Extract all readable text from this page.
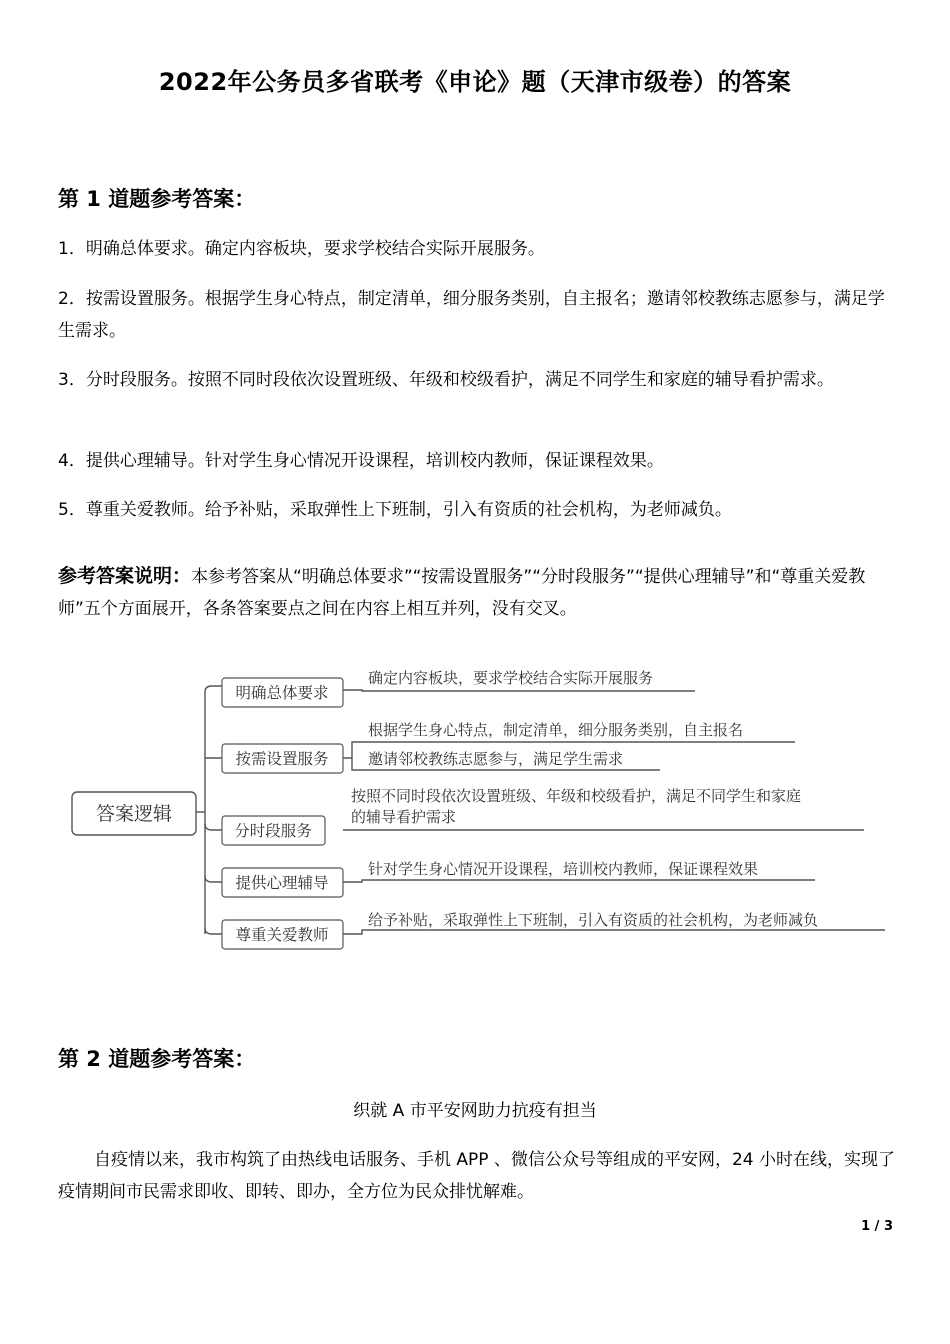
2022年公务员多省联考《申论》题（天津市级卷）的答案
第 1 道题参考答案：
1．明确总体要求。确定内容板块，要求学校结合实际开展服务。
2．按需设置服务。根据学生身心特点，制定清单，细分服务类别，自主报名；邀请邻校教练志愿参与，满足学生需求。
3．分时段服务。按照不同时段依次设置班级、年级和校级看护，满足不同学生和家庭的辅导看护需求。
4．提供心理辅导。针对学生身心情况开设课程，培训校内教师，保证课程效果。
5．尊重关爱教师。给予补贴，采取弹性上下班制，引入有资质的社会机构，为老师减负。
参考答案说明：本参考答案从“明确总体要求”“按需设置服务”“分时段服务”“提供心理辅导”和“尊重关爱教师”五个方面展开，各条答案要点之间在内容上相互并列，没有交叉。
答案逻辑
明确总体要求
按需设置服务
分时段服务
提供心理辅导
尊重关爱教师
确定内容板块，要求学校结合实际开展服务
根据学生身心特点，制定清单，细分服务类别，自主报名
邀请邻校教练志愿参与，满足学生需求
按照不同时段依次设置班级、年级和校级看护，满足不同学生和家庭
的辅导看护需求
针对学生身心情况开设课程，培训校内教师，保证课程效果
给予补贴，采取弹性上下班制，引入有资质的社会机构，为老师减负
第 2 道题参考答案：
织就 A 市平安网助力抗疫有担当
自疫情以来，我市构筑了由热线电话服务、手机 APP 、微信公众号等组成的平安网，24 小时在线，实现了疫情期间市民需求即收、即转、即办，全方位为民众排忧解难。
1 / 3
